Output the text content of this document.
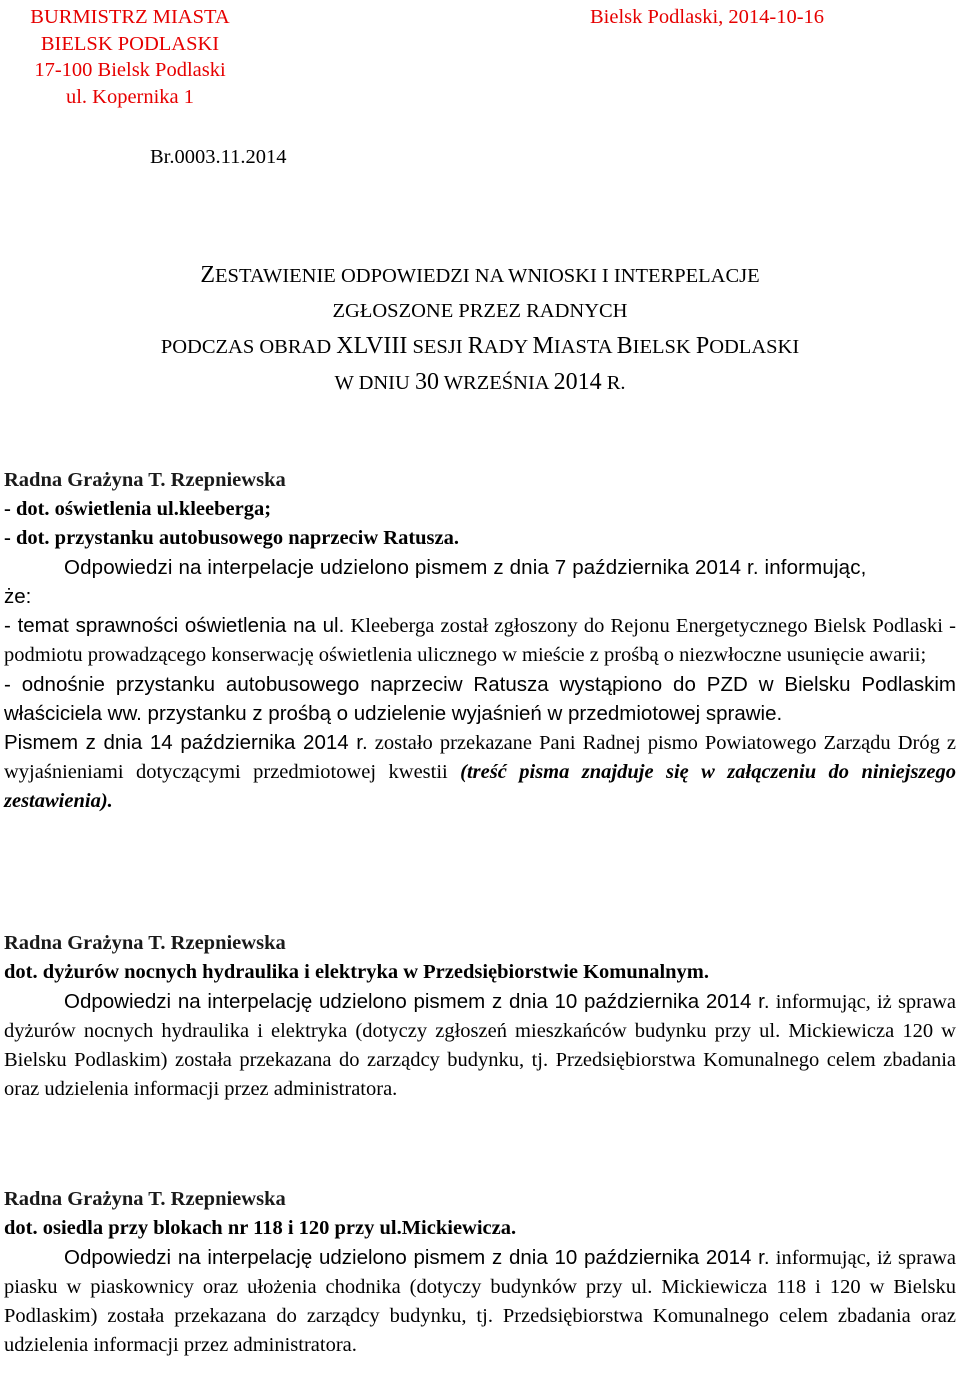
BURMISTRZ MIASTA
BIELSK PODLASKI
17-100 Bielsk Podlaski
ul. Kopernika 1
Bielsk Podlaski, 2014-10-16
Br.0003.11.2014
ZESTAWIENIE ODPOWIEDZI NA WNIOSKI I INTERPELACJE
ZGŁOSZONE PRZEZ RADNYCH
PODCZAS OBRAD XLVIII SESJI RADY MIASTA BIELSK PODLASKI
W DNIU 30 WRZEŚNIA 2014 R.

Radna Grażyna T. Rzepniewska

- dot. oświetlenia ul.kleeberga;

- dot. przystanku autobusowego naprzeciw Ratusza.

Odpowiedzi na interpelacje udzielono pismem z dnia 7 października 2014 r. informując,

że:

- temat sprawności oświetlenia na ul. Kleeberga został zgłoszony do Rejonu Energetycznego Bielsk Podlaski - podmiotu prowadzącego konserwację oświetlenia ulicznego w mieście z prośbą o niezwłoczne usunięcie awarii;

- odnośnie przystanku autobusowego naprzeciw Ratusza wystąpiono do PZD w Bielsku Podlaskim właściciela ww. przystanku z prośbą o udzielenie wyjaśnień w przedmiotowej sprawie.

Pismem z dnia 14 października 2014 r. zostało przekazane Pani Radnej pismo Powiatowego Zarządu Dróg z wyjaśnieniami dotyczącymi przedmiotowej kwestii (treść pisma znajduje się w załączeniu do niniejszego zestawienia).

Radna Grażyna T. Rzepniewska

dot. dyżurów nocnych hydraulika i elektryka w Przedsiębiorstwie Komunalnym.

Odpowiedzi na interpelację udzielono pismem z dnia 10 października 2014 r. informując, iż sprawa dyżurów nocnych hydraulika i elektryka (dotyczy zgłoszeń mieszkańców budynku przy ul. Mickiewicza 120 w Bielsku Podlaskim) została przekazana do zarządcy budynku, tj. Przedsiębiorstwa Komunalnego celem zbadania oraz udzielenia informacji przez administratora.

Radna Grażyna T. Rzepniewska

dot. osiedla przy blokach nr 118 i 120 przy ul.Mickiewicza.

Odpowiedzi na interpelację udzielono pismem z dnia 10 października 2014 r. informując, iż sprawa piasku w piaskownicy oraz ułożenia chodnika (dotyczy budynków przy ul. Mickiewicza 118 i 120 w Bielsku Podlaskim) została przekazana do zarządcy budynku, tj. Przedsiębiorstwa Komunalnego celem zbadania oraz udzielenia informacji przez administratora.
